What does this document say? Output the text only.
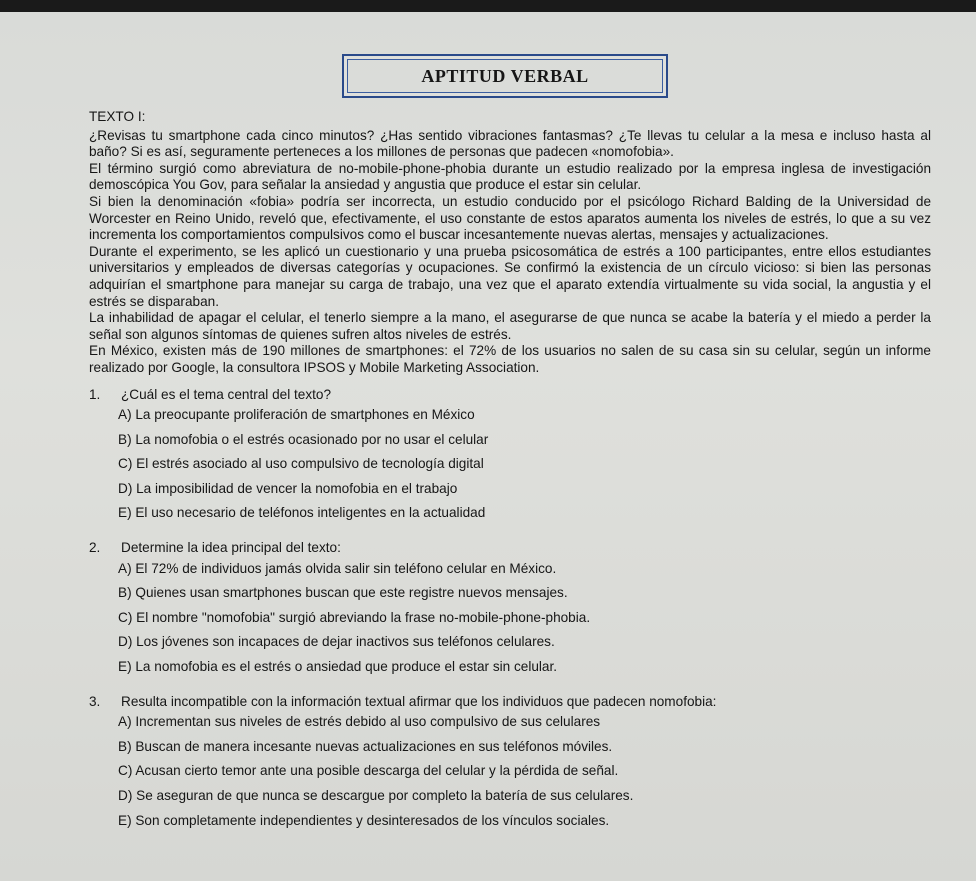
APTITUD VERBAL

TEXTO I:

¿Revisas tu smartphone cada cinco minutos? ¿Has sentido vibraciones fantasmas? ¿Te llevas tu celular a la mesa e incluso hasta al baño? Si es así, seguramente perteneces a los millones de personas que padecen «nomofobia».

El término surgió como abreviatura de no-mobile-phone-phobia durante un estudio realizado por la empresa inglesa de investigación demoscópica You Gov, para señalar la ansiedad y angustia que produce el estar sin celular.

Si bien la denominación «fobia» podría ser incorrecta, un estudio conducido por el psicólogo Richard Balding de la Universidad de Worcester en Reino Unido, reveló que, efectivamente, el uso constante de estos aparatos aumenta los niveles de estrés, lo que a su vez incrementa los comportamientos compulsivos como el buscar incesantemente nuevas alertas, mensajes y actualizaciones.

Durante el experimento, se les aplicó un cuestionario y una prueba psicosomática de estrés a 100 participantes, entre ellos estudiantes universitarios y empleados de diversas categorías y ocupaciones. Se confirmó la existencia de un círculo vicioso: si bien las personas adquirían el smartphone para manejar su carga de trabajo, una vez que el aparato extendía virtualmente su vida social, la angustia y el estrés se disparaban.

La inhabilidad de apagar el celular, el tenerlo siempre a la mano, el asegurarse de que nunca se acabe la batería y el miedo a perder la señal son algunos síntomas de quienes sufren altos niveles de estrés.

En México, existen más de 190 millones de smartphones: el 72% de los usuarios no salen de su casa sin su celular, según un informe realizado por Google, la consultora IPSOS y Mobile Marketing Association.

1.	¿Cuál es el tema central del texto?
A) La preocupante proliferación de smartphones en México
B) La nomofobia o el estrés ocasionado por no usar el celular
C) El estrés asociado al uso compulsivo de tecnología digital
D) La imposibilidad de vencer la nomofobia en el trabajo
E) El uso necesario de teléfonos inteligentes en la actualidad
2.	Determine la idea principal del texto:
A) El 72% de individuos jamás olvida salir sin teléfono celular en México.
B) Quienes usan smartphones buscan que este registre nuevos mensajes.
C) El nombre "nomofobia" surgió abreviando la frase no-mobile-phone-phobia.
D) Los jóvenes son incapaces de dejar inactivos sus teléfonos celulares.
E) La nomofobia es el estrés o ansiedad que produce el estar sin celular.
3.	Resulta incompatible con la información textual afirmar que los individuos que padecen nomofobia:
A) Incrementan sus niveles de estrés debido al uso compulsivo de sus celulares
B) Buscan de manera incesante nuevas actualizaciones en sus teléfonos móviles.
C) Acusan cierto temor ante una posible descarga del celular y la pérdida de señal.
D) Se aseguran de que nunca se descargue por completo la batería de sus celulares.
E) Son completamente independientes y desinteresados de los vínculos sociales.
